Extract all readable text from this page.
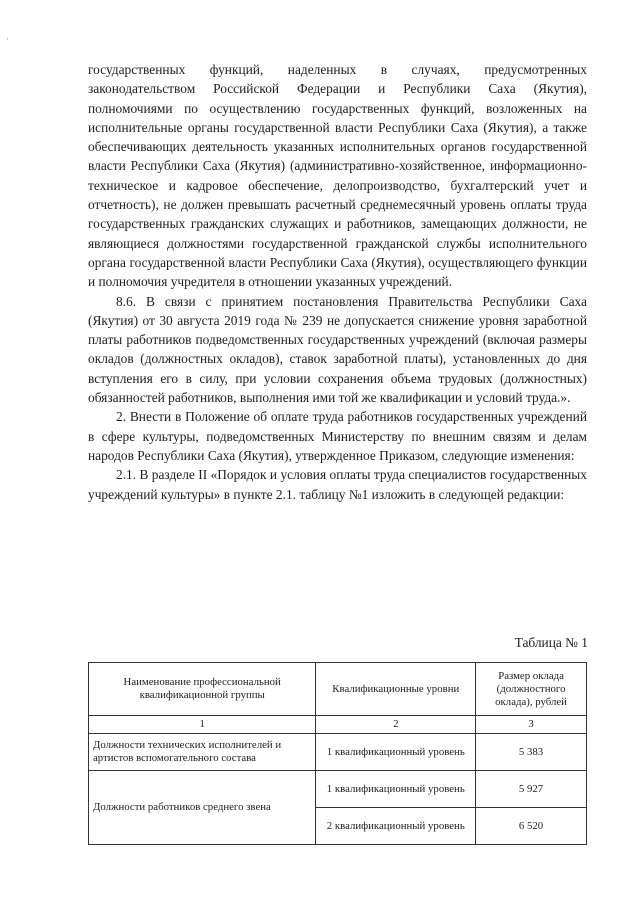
·

государственных функций, наделенных в случаях, предусмотренных законодательством Российской Федерации и Республики Саха (Якутия), полномочиями по осуществлению государственных функций, возложенных на исполнительные органы государственной власти Республики Саха (Якутия), а также обеспечивающих деятельность указанных исполнительных органов государственной власти Республики Саха (Якутия) (административно-хозяйственное, информационно-техническое и кадровое обеспечение, делопроизводство, бухгалтерский учет и отчетность), не должен превышать расчетный среднемесячный уровень оплаты труда государственных гражданских служащих и работников, замещающих должности, не являющиеся должностями государственной гражданской службы исполнительного органа государственной власти Республики Саха (Якутия), осуществляющего функции и полномочия учредителя в отношении указанных учреждений.

8.6. В связи с принятием постановления Правительства Республики Саха (Якутия) от 30 августа 2019 года № 239 не допускается снижение уровня заработной платы работников подведомственных государственных учреждений (включая размеры окладов (должностных окладов), ставок заработной платы), установленных до дня вступления его в силу, при условии сохранения объема трудовых (должностных) обязанностей работников, выполнения ими той же квалификации и условий труда.».

2. Внести в Положение об оплате труда работников государственных учреждений в сфере культуры, подведомственных Министерству по внешним связям и делам народов Республики Саха (Якутия), утвержденное Приказом, следующие изменения:

2.1. В разделе II «Порядок и условия оплаты труда специалистов государственных учреждений культуры» в пункте 2.1. таблицу №1 изложить в следующей редакции:

Таблица № 1
Наименование профессиональной квалификационной группы	Квалификационные уровни	Размер оклада (должностного оклада), рублей
1	2	3
Должности технических исполнителей и артистов вспомогательного состава	1 квалификационный уровень	5 383
Должности работников среднего звена	1 квалификационный уровень	5 927
	2 квалификационный уровень	6 520
